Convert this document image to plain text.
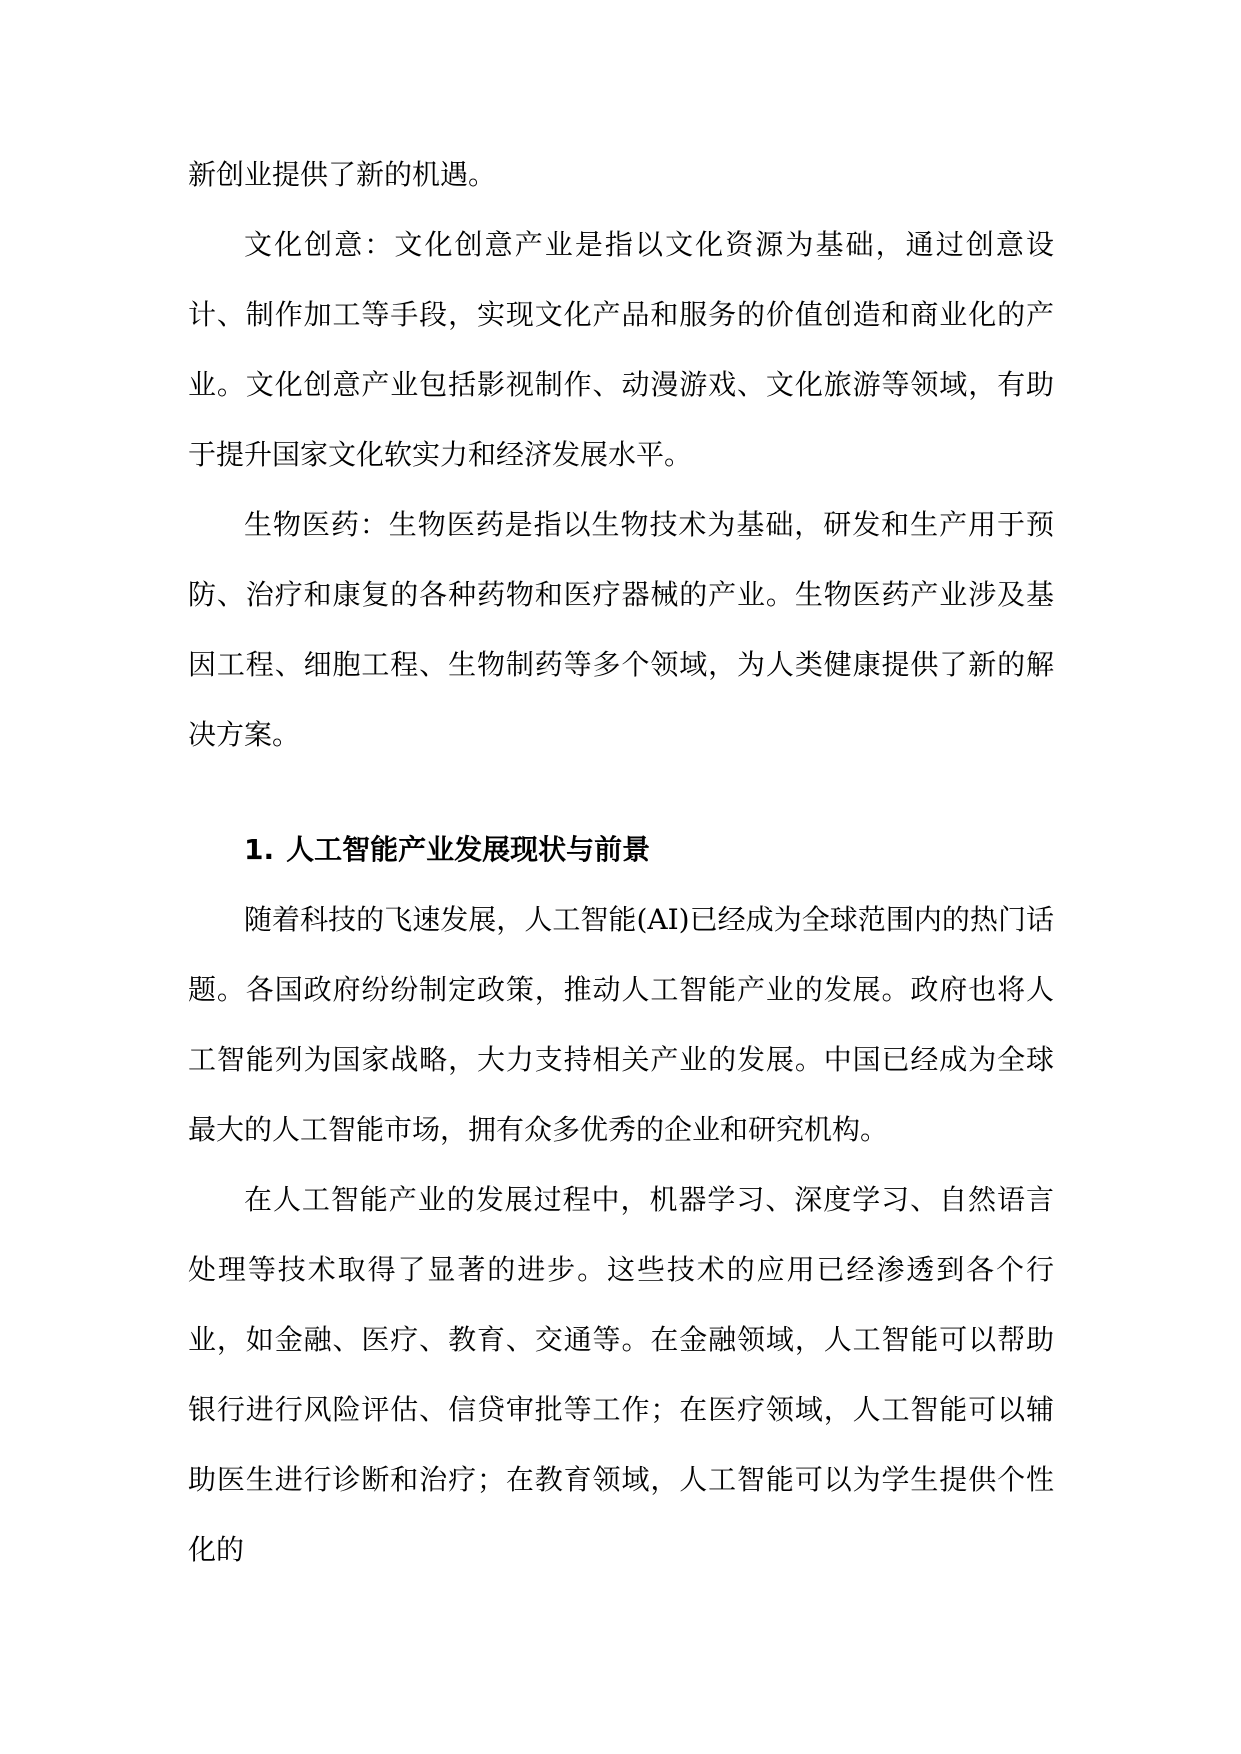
新创业提供了新的机遇。

文化创意：文化创意产业是指以文化资源为基础，通过创意设计、制作加工等手段，实现文化产品和服务的价值创造和商业化的产业。文化创意产业包括影视制作、动漫游戏、文化旅游等领域，有助于提升国家文化软实力和经济发展水平。

生物医药：生物医药是指以生物技术为基础，研发和生产用于预防、治疗和康复的各种药物和医疗器械的产业。生物医药产业涉及基因工程、细胞工程、生物制药等多个领域，为人类健康提供了新的解决方案。

1. 人工智能产业发展现状与前景

随着科技的飞速发展，人工智能(AI)已经成为全球范围内的热门话题。各国政府纷纷制定政策，推动人工智能产业的发展。政府也将人工智能列为国家战略，大力支持相关产业的发展。中国已经成为全球最大的人工智能市场，拥有众多优秀的企业和研究机构。

在人工智能产业的发展过程中，机器学习、深度学习、自然语言处理等技术取得了显著的进步。这些技术的应用已经渗透到各个行业，如金融、医疗、教育、交通等。在金融领域，人工智能可以帮助银行进行风险评估、信贷审批等工作；在医疗领域，人工智能可以辅助医生进行诊断和治疗；在教育领域，人工智能可以为学生提供个性化的
